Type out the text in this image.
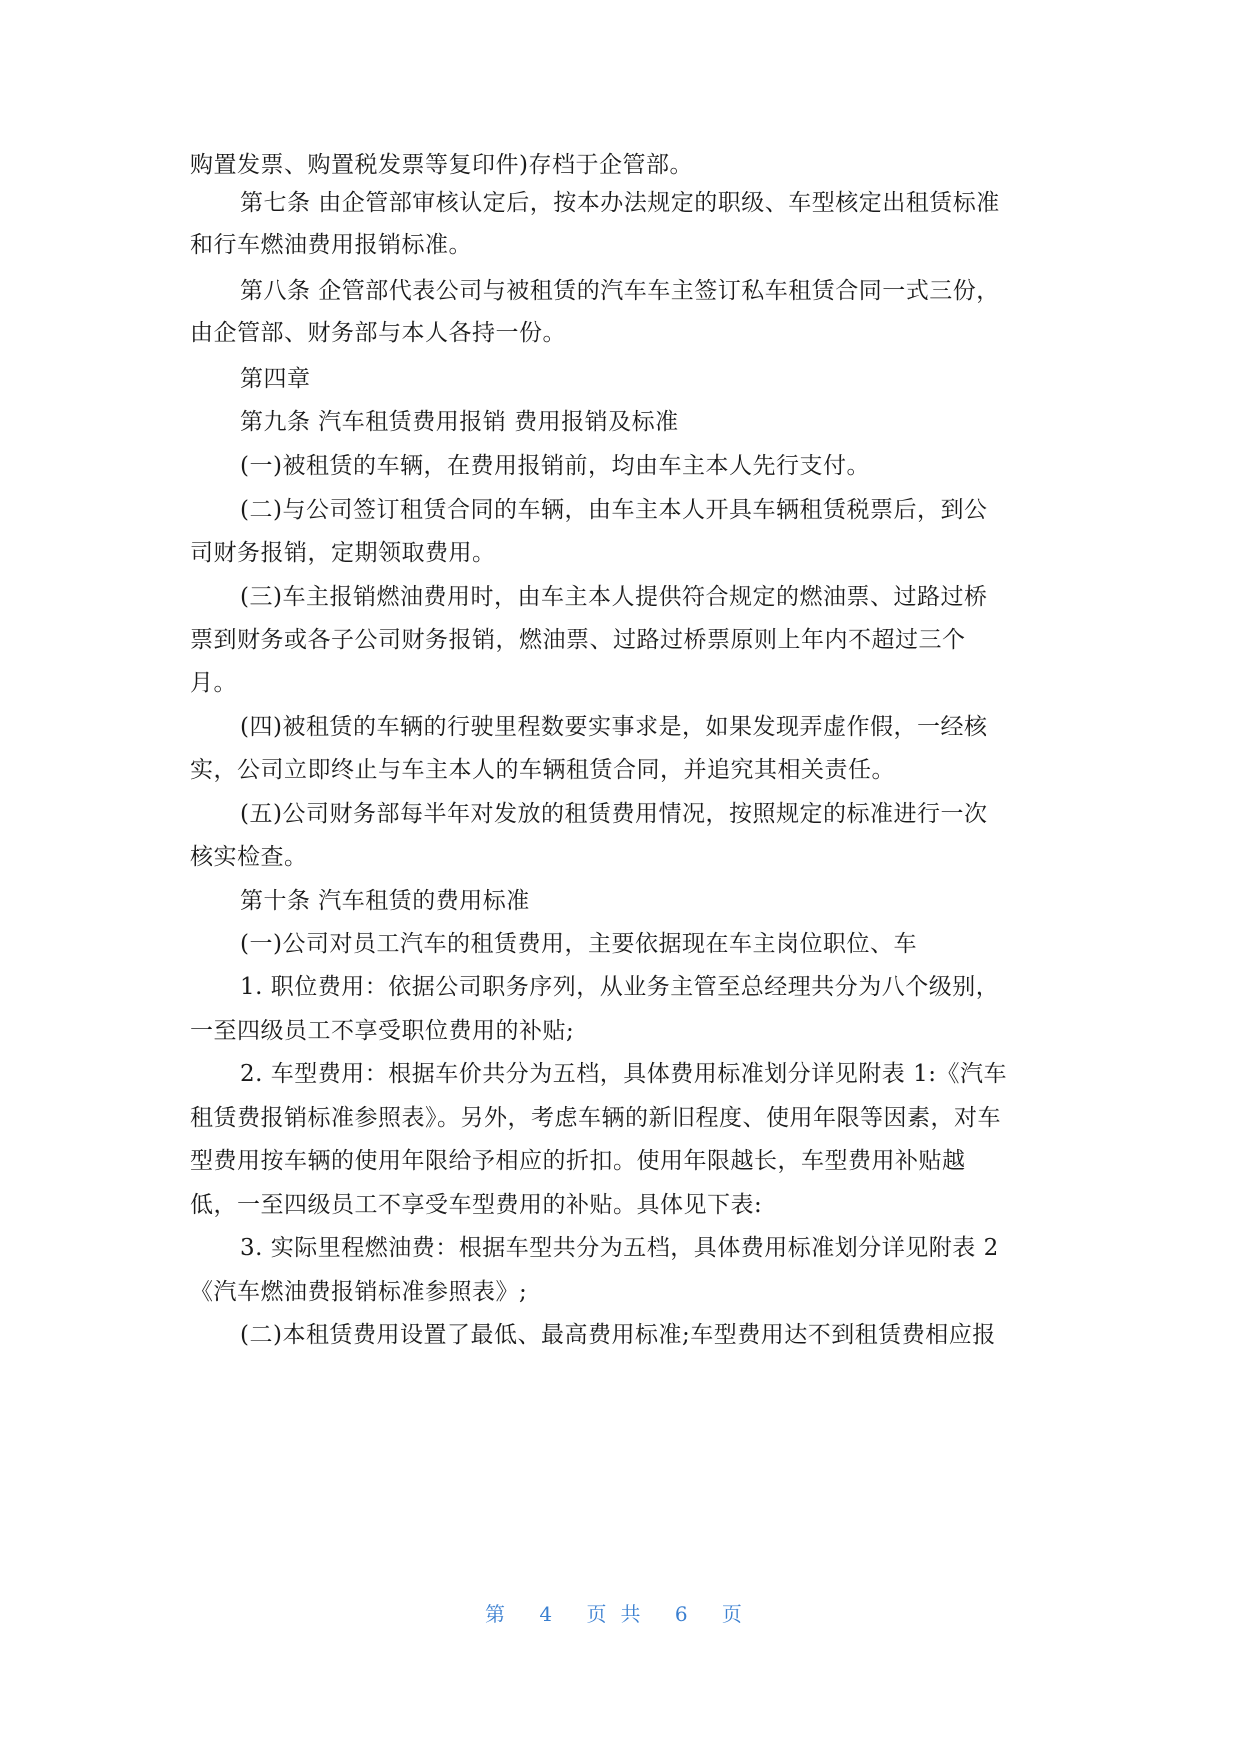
购置发票、购置税发票等复印件)存档于企管部。
第七条 由企管部审核认定后，按本办法规定的职级、车型核定出租赁标准
和行车燃油费用报销标准。
第八条 企管部代表公司与被租赁的汽车车主签订私车租赁合同一式三份，
由企管部、财务部与本人各持一份。
第四章
第九条 汽车租赁费用报销 费用报销及标准
(一)被租赁的车辆，在费用报销前，均由车主本人先行支付。
(二)与公司签订租赁合同的车辆，由车主本人开具车辆租赁税票后，到公
司财务报销，定期领取费用。
(三)车主报销燃油费用时，由车主本人提供符合规定的燃油票、过路过桥
票到财务或各子公司财务报销，燃油票、过路过桥票原则上年内不超过三个
月。
(四)被租赁的车辆的行驶里程数要实事求是，如果发现弄虚作假，一经核
实，公司立即终止与车主本人的车辆租赁合同，并追究其相关责任。
(五)公司财务部每半年对发放的租赁费用情况，按照规定的标准进行一次
核实检查。
第十条 汽车租赁的费用标准
(一)公司对员工汽车的租赁费用，主要依据现在车主岗位职位、车
1. 职位费用：依据公司职务序列，从业务主管至总经理共分为八个级别，
一至四级员工不享受职位费用的补贴;
2. 车型费用：根据车价共分为五档，具体费用标准划分详见附表 1:《汽车
租赁费报销标准参照表》。另外，考虑车辆的新旧程度、使用年限等因素，对车
型费用按车辆的使用年限给予相应的折扣。使用年限越长，车型费用补贴越
低，一至四级员工不享受车型费用的补贴。具体见下表:
3. 实际里程燃油费：根据车型共分为五档，具体费用标准划分详见附表 2
《汽车燃油费报销标准参照表》;
(二)本租赁费用设置了最低、最高费用标准;车型费用达不到租赁费相应报
第 4 页共 6 页
